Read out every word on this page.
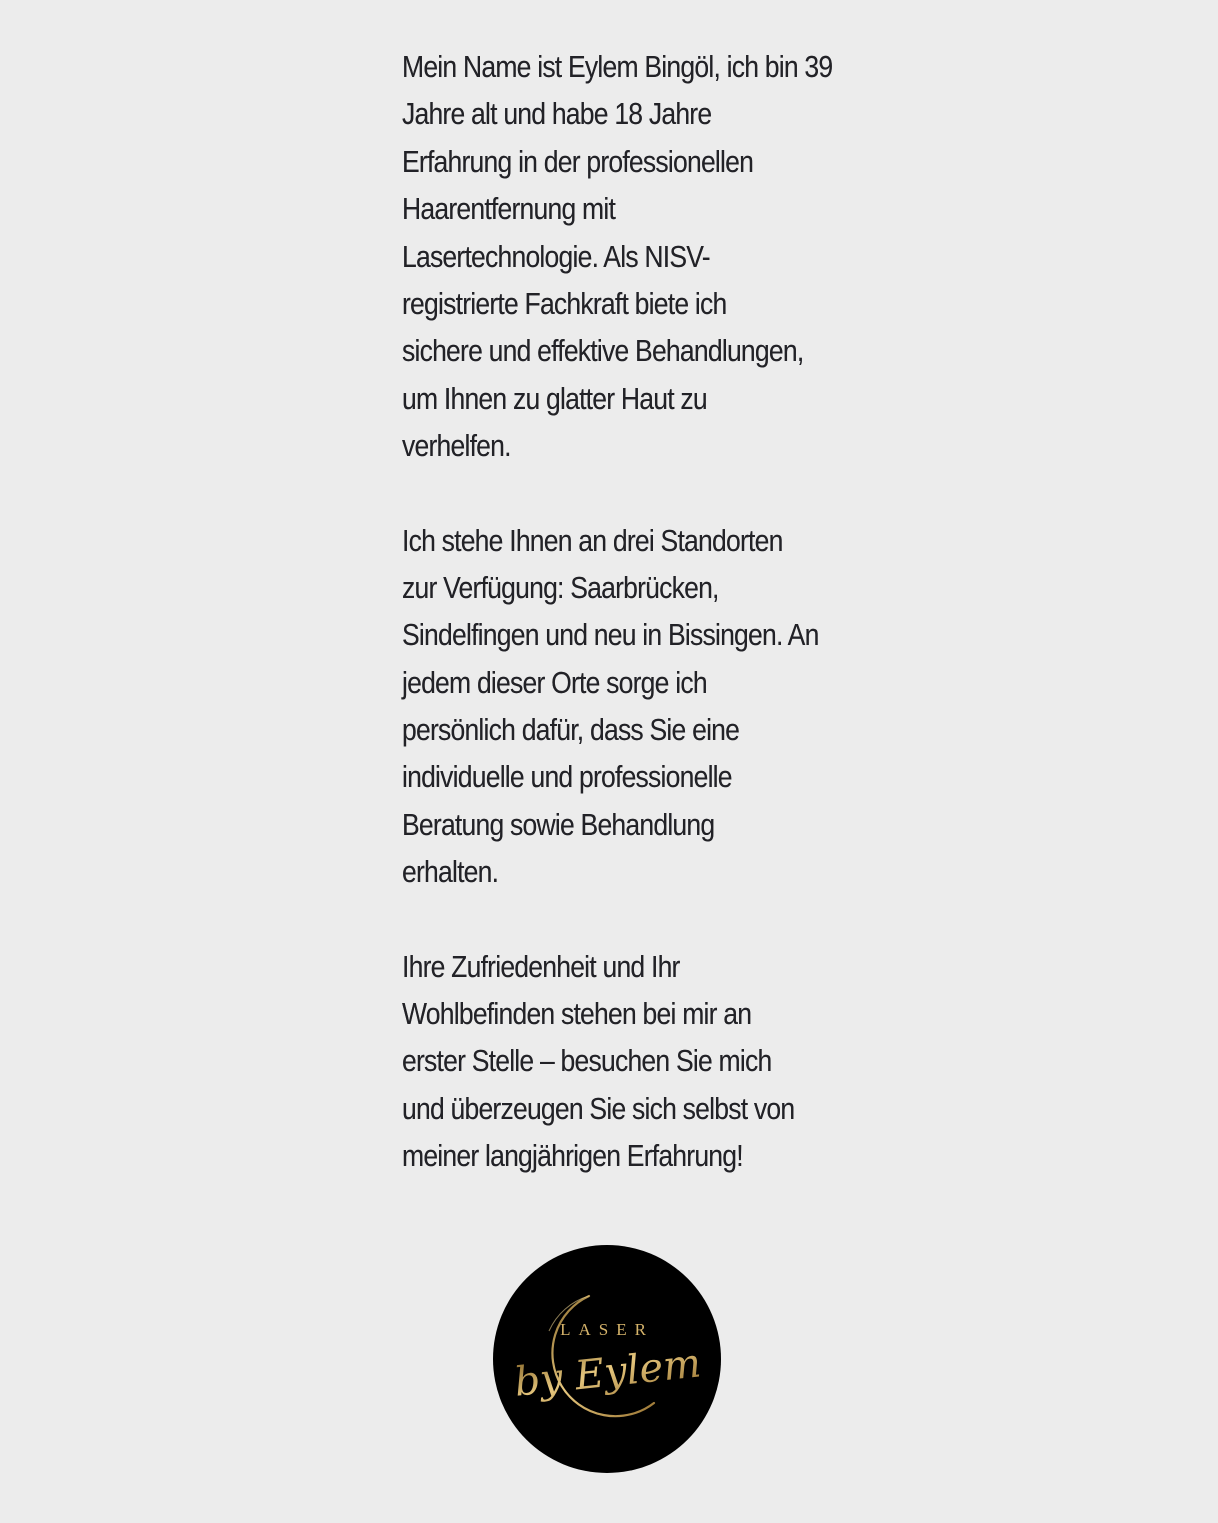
Mein Name ist Eylem Bingöl, ich bin 39
Jahre alt und habe 18 Jahre
Erfahrung in der professionellen
Haarentfernung mit
Lasertechnologie. Als NISV-
registrierte Fachkraft biete ich
sichere und effektive Behandlungen,
um Ihnen zu glatter Haut zu
verhelfen.
Ich stehe Ihnen an drei Standorten
zur Verfügung: Saarbrücken,
Sindelfingen und neu in Bissingen. An
jedem dieser Orte sorge ich
persönlich dafür, dass Sie eine
individuelle und professionelle
Beratung sowie Behandlung
erhalten.
Ihre Zufriedenheit und Ihr
Wohlbefinden stehen bei mir an
erster Stelle – besuchen Sie mich
und überzeugen Sie sich selbst von
meiner langjährigen Erfahrung!
LASER
by Eylem
